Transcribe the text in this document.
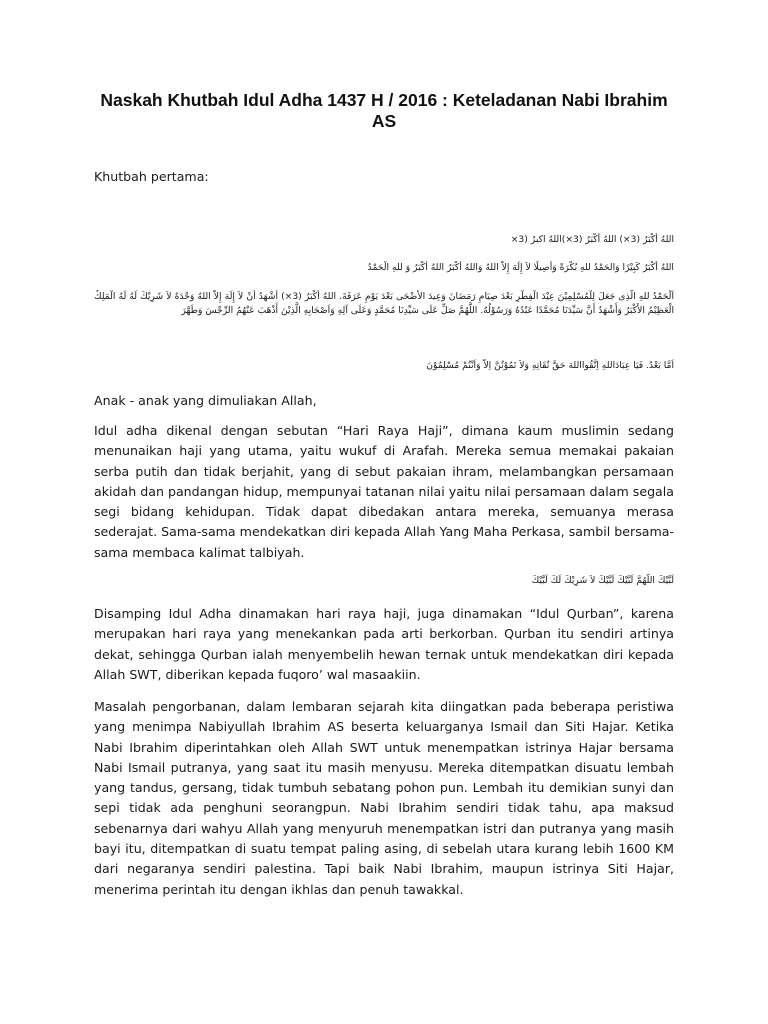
Naskah Khutbah Idul Adha 1437 H / 2016 : Keteladanan Nabi Ibrahim AS

Khutbah pertama:

اللهُ أَكْبَرُ (3×) اللهُ أَكْبَرُ (3×)اللهُ اكبرُ (3×

اللهُ أَكْبَرُ كَبِيْرًا وَالحَمْدُ للهِ بُكْرَةً وَأَصِيلًا لاَ إِلَهَ إِلاَّ اللهُ وَاللهُ أَكْبَرُ اللهُ أَكْبَرُ وَ للهِ الْحَمْدُ

اَلْحَمْدُ للهِ الَّذِى جَعَلَ لِلْمُسْلِمِيْنَ عِيْدَ الْفِطْرِ بَعْدَ صِيَامِ رَمَضَانَ وَعِيدَ الأَضْحَى بَعْدَ يَوْمِ عَرَفَةَ. اللهُ أَكْبَرُ (3×) أَشْهَدُ أَنْ لاَ إِلَهَ إِلاَّ اللهُ وَحْدَهُ لاَ شَرِيْكَ لَهُ لَهُ الْمَلِكُ الْعَظِيْمُ الأَكْبَرُ وَأَشْهَدُ أَنَّ سَيِّدَنَا مُحَمَّدًا عَبْدُهُ وَرَسُوْلُهُ. اللَّهُمَّ صَلِّ عَلَى سَيِّدِنَا مُحَمَّدٍ وَعَلَى آلِهِ وَاَصْحَابِهِ الَّذِيْنَ أَذْهَبَ عَنْهُمُ الرِّجْسَ وَطَهَّرَ

اَمَّا بَعْدُ. فَيَا عِبَادَاللهِ اِتَّقُوااللهَ حَقَّ تُقَاتِهِ وَلاَ تَمُوْتُنَّ اِلاَّ وَاَنْتُمْ مُسْلِمُوْنَ

Anak - anak yang dimuliakan Allah,

Idul adha dikenal dengan sebutan “Hari Raya Haji”, dimana kaum muslimin sedang menunaikan haji yang utama, yaitu wukuf di Arafah. Mereka semua memakai pakaian serba putih dan tidak berjahit, yang di sebut pakaian ihram, melambangkan persamaan akidah dan pandangan hidup, mempunyai tatanan nilai yaitu nilai persamaan dalam segala segi bidang kehidupan. Tidak dapat dibedakan antara mereka, semuanya merasa sederajat. Sama-sama mendekatkan diri kepada Allah Yang Maha Perkasa, sambil bersama-sama membaca kalimat talbiyah.

لَبَّيْكَ اللَّهُمَّ لَبَّيْكَ لَبَّيْكَ لاَ شَرِيْكَ لَكَ لَبَّيْكَ

Disamping Idul Adha dinamakan hari raya haji, juga dinamakan “Idul Qurban”, karena merupakan hari raya yang menekankan pada arti berkorban. Qurban itu sendiri artinya dekat, sehingga Qurban ialah menyembelih hewan ternak untuk mendekatkan diri kepada Allah SWT, diberikan kepada fuqoro’ wal masaakiin.

Masalah pengorbanan, dalam lembaran sejarah kita diingatkan pada beberapa peristiwa yang menimpa Nabiyullah Ibrahim AS beserta keluarganya Ismail dan Siti Hajar. Ketika Nabi Ibrahim diperintahkan oleh Allah SWT untuk menempatkan istrinya Hajar bersama Nabi Ismail putranya, yang saat itu masih menyusu. Mereka ditempatkan disuatu lembah yang tandus, gersang, tidak tumbuh sebatang pohon pun. Lembah itu demikian sunyi dan sepi tidak ada penghuni seorangpun. Nabi Ibrahim sendiri tidak tahu, apa maksud sebenarnya dari wahyu Allah yang menyuruh menempatkan istri dan putranya yang masih bayi itu, ditempatkan di suatu tempat paling asing, di sebelah utara kurang lebih 1600 KM dari negaranya sendiri palestina. Tapi baik Nabi Ibrahim, maupun istrinya Siti Hajar, menerima perintah itu dengan ikhlas dan penuh tawakkal.
